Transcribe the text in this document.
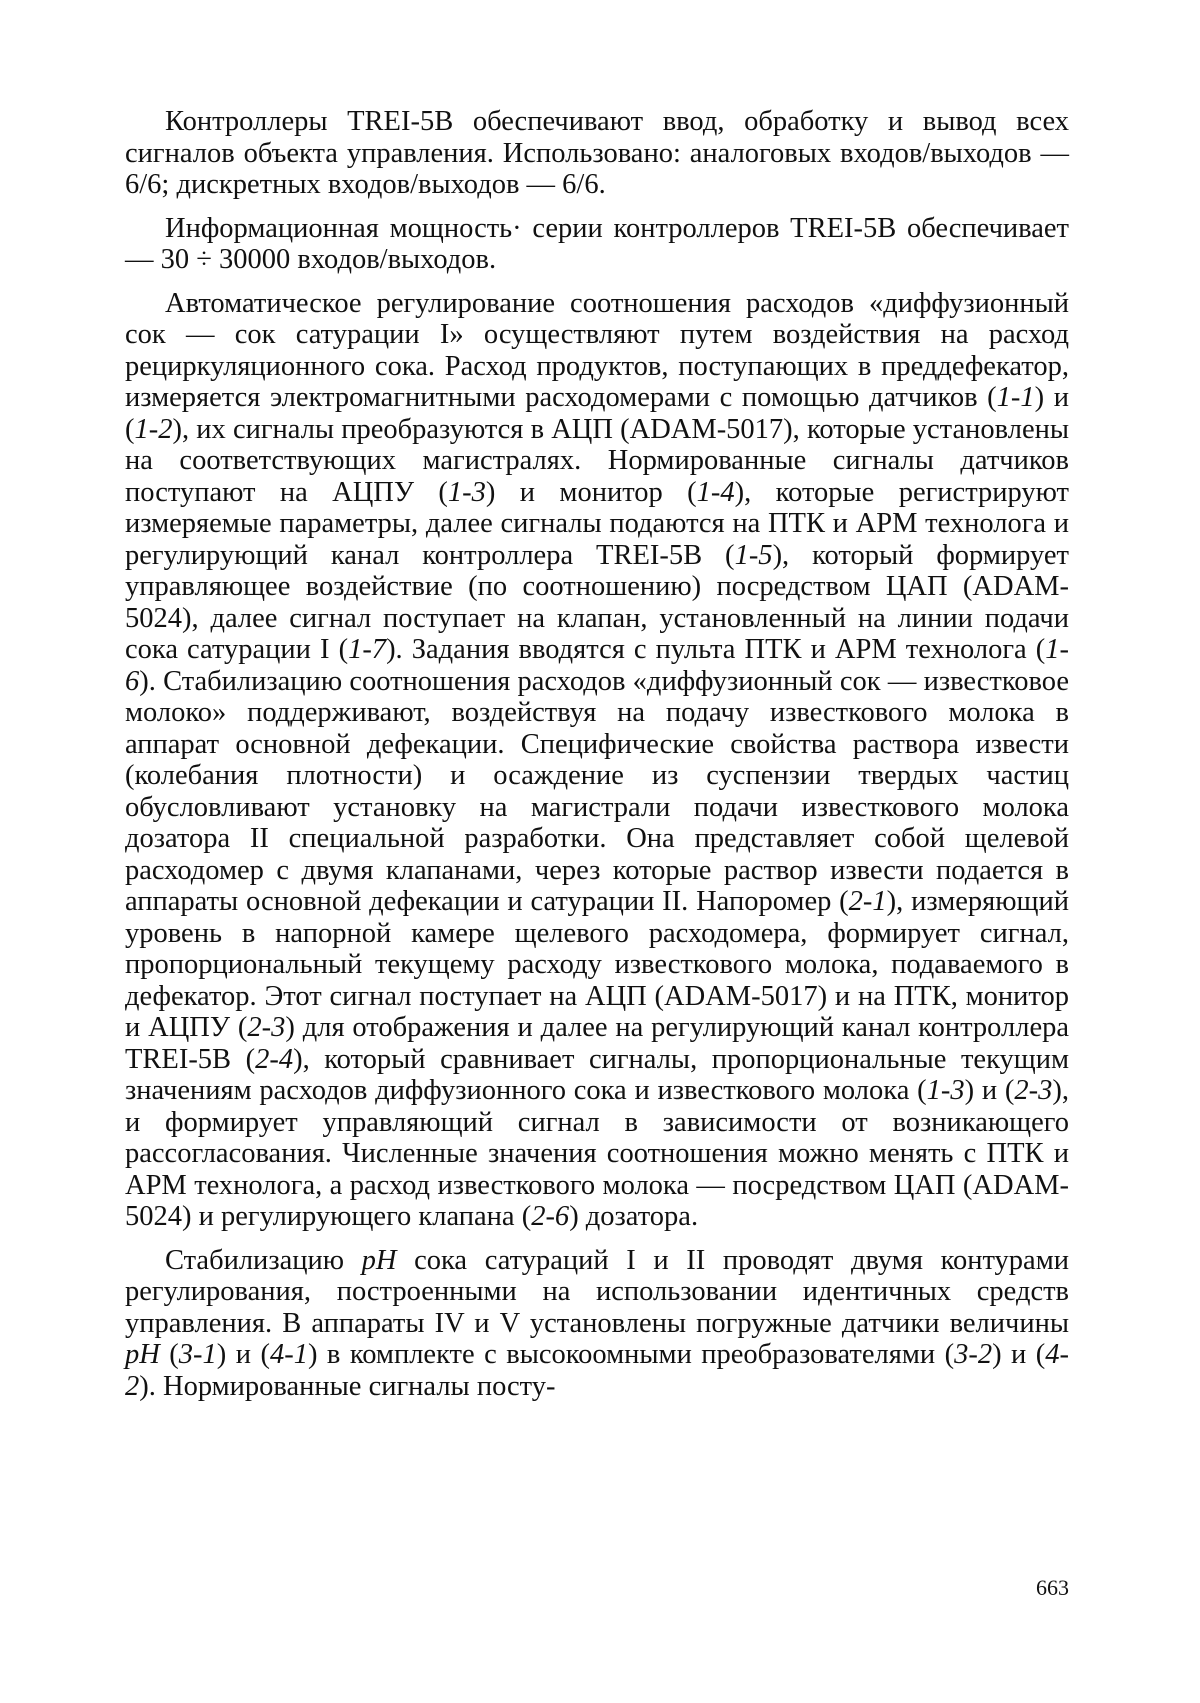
Контроллеры TREI-5B обеспечивают ввод, обработку и вывод всех сигналов объекта управления. Использовано: аналоговых входов/выходов — 6/6; дискретных входов/выходов — 6/6.

Информационная мощность· серии контроллеров TREI-5B обеспечивает — 30 ÷ 30000 входов/выходов.

Автоматическое регулирование соотношения расходов «диффузионный сок — сок сатурации I» осуществляют путем воздействия на расход рециркуляционного сока. Расход продуктов, поступающих в преддефекатор, измеряется электромагнитными расходомерами с помощью датчиков (1-1) и (1-2), их сигналы преобразуются в АЦП (ADAM-5017), которые установлены на соответствующих магистралях. Нормированные сигналы датчиков поступают на АЦПУ (1-3) и монитор (1-4), которые регистрируют измеряемые параметры, далее сигналы подаются на ПТК и АРМ технолога и регулирующий канал контроллера TREI-5B (1-5), который формирует управляющее воздействие (по соотношению) посредством ЦАП (ADAM-5024), далее сигнал поступает на клапан, установленный на линии подачи сока сатурации I (1-7). Задания вводятся с пульта ПТК и АРМ технолога (1-6). Стабилизацию соотношения расходов «диффузионный сок — известковое молоко» поддерживают, воздействуя на подачу известкового молока в аппарат основной дефекации. Специфические свойства раствора извести (колебания плотности) и осаждение из суспензии твердых частиц обусловливают установку на магистрали подачи известкового молока дозатора II специальной разработки. Она представляет собой щелевой расходомер с двумя клапанами, через которые раствор извести подается в аппараты основной дефекации и сатурации II. Напоромер (2-1), измеряющий уровень в напорной камере щелевого расходомера, формирует сигнал, пропорциональный текущему расходу известкового молока, подаваемого в дефекатор. Этот сигнал поступает на АЦП (ADAM-5017) и на ПТК, монитор и АЦПУ (2-3) для отображения и далее на регулирующий канал контроллера TREI-5B (2-4), который сравнивает сигналы, пропорциональные текущим значениям расходов диффузионного сока и известкового молока (1-3) и (2-3), и формирует управляющий сигнал в зависимости от возникающего рассогласования. Численные значения соотношения можно менять с ПТК и АРМ технолога, а расход известкового молока — посредством ЦАП (ADAM-5024) и регулирующего клапана (2-6) дозатора.

Стабилизацию pH сока сатураций I и II проводят двумя контурами регулирования, построенными на использовании идентичных средств управления. В аппараты IV и V установлены погружные датчики величины pH (3-1) и (4-1) в комплекте с высокоомными преобразователями (3-2) и (4-2). Нормированные сигналы посту-

663
